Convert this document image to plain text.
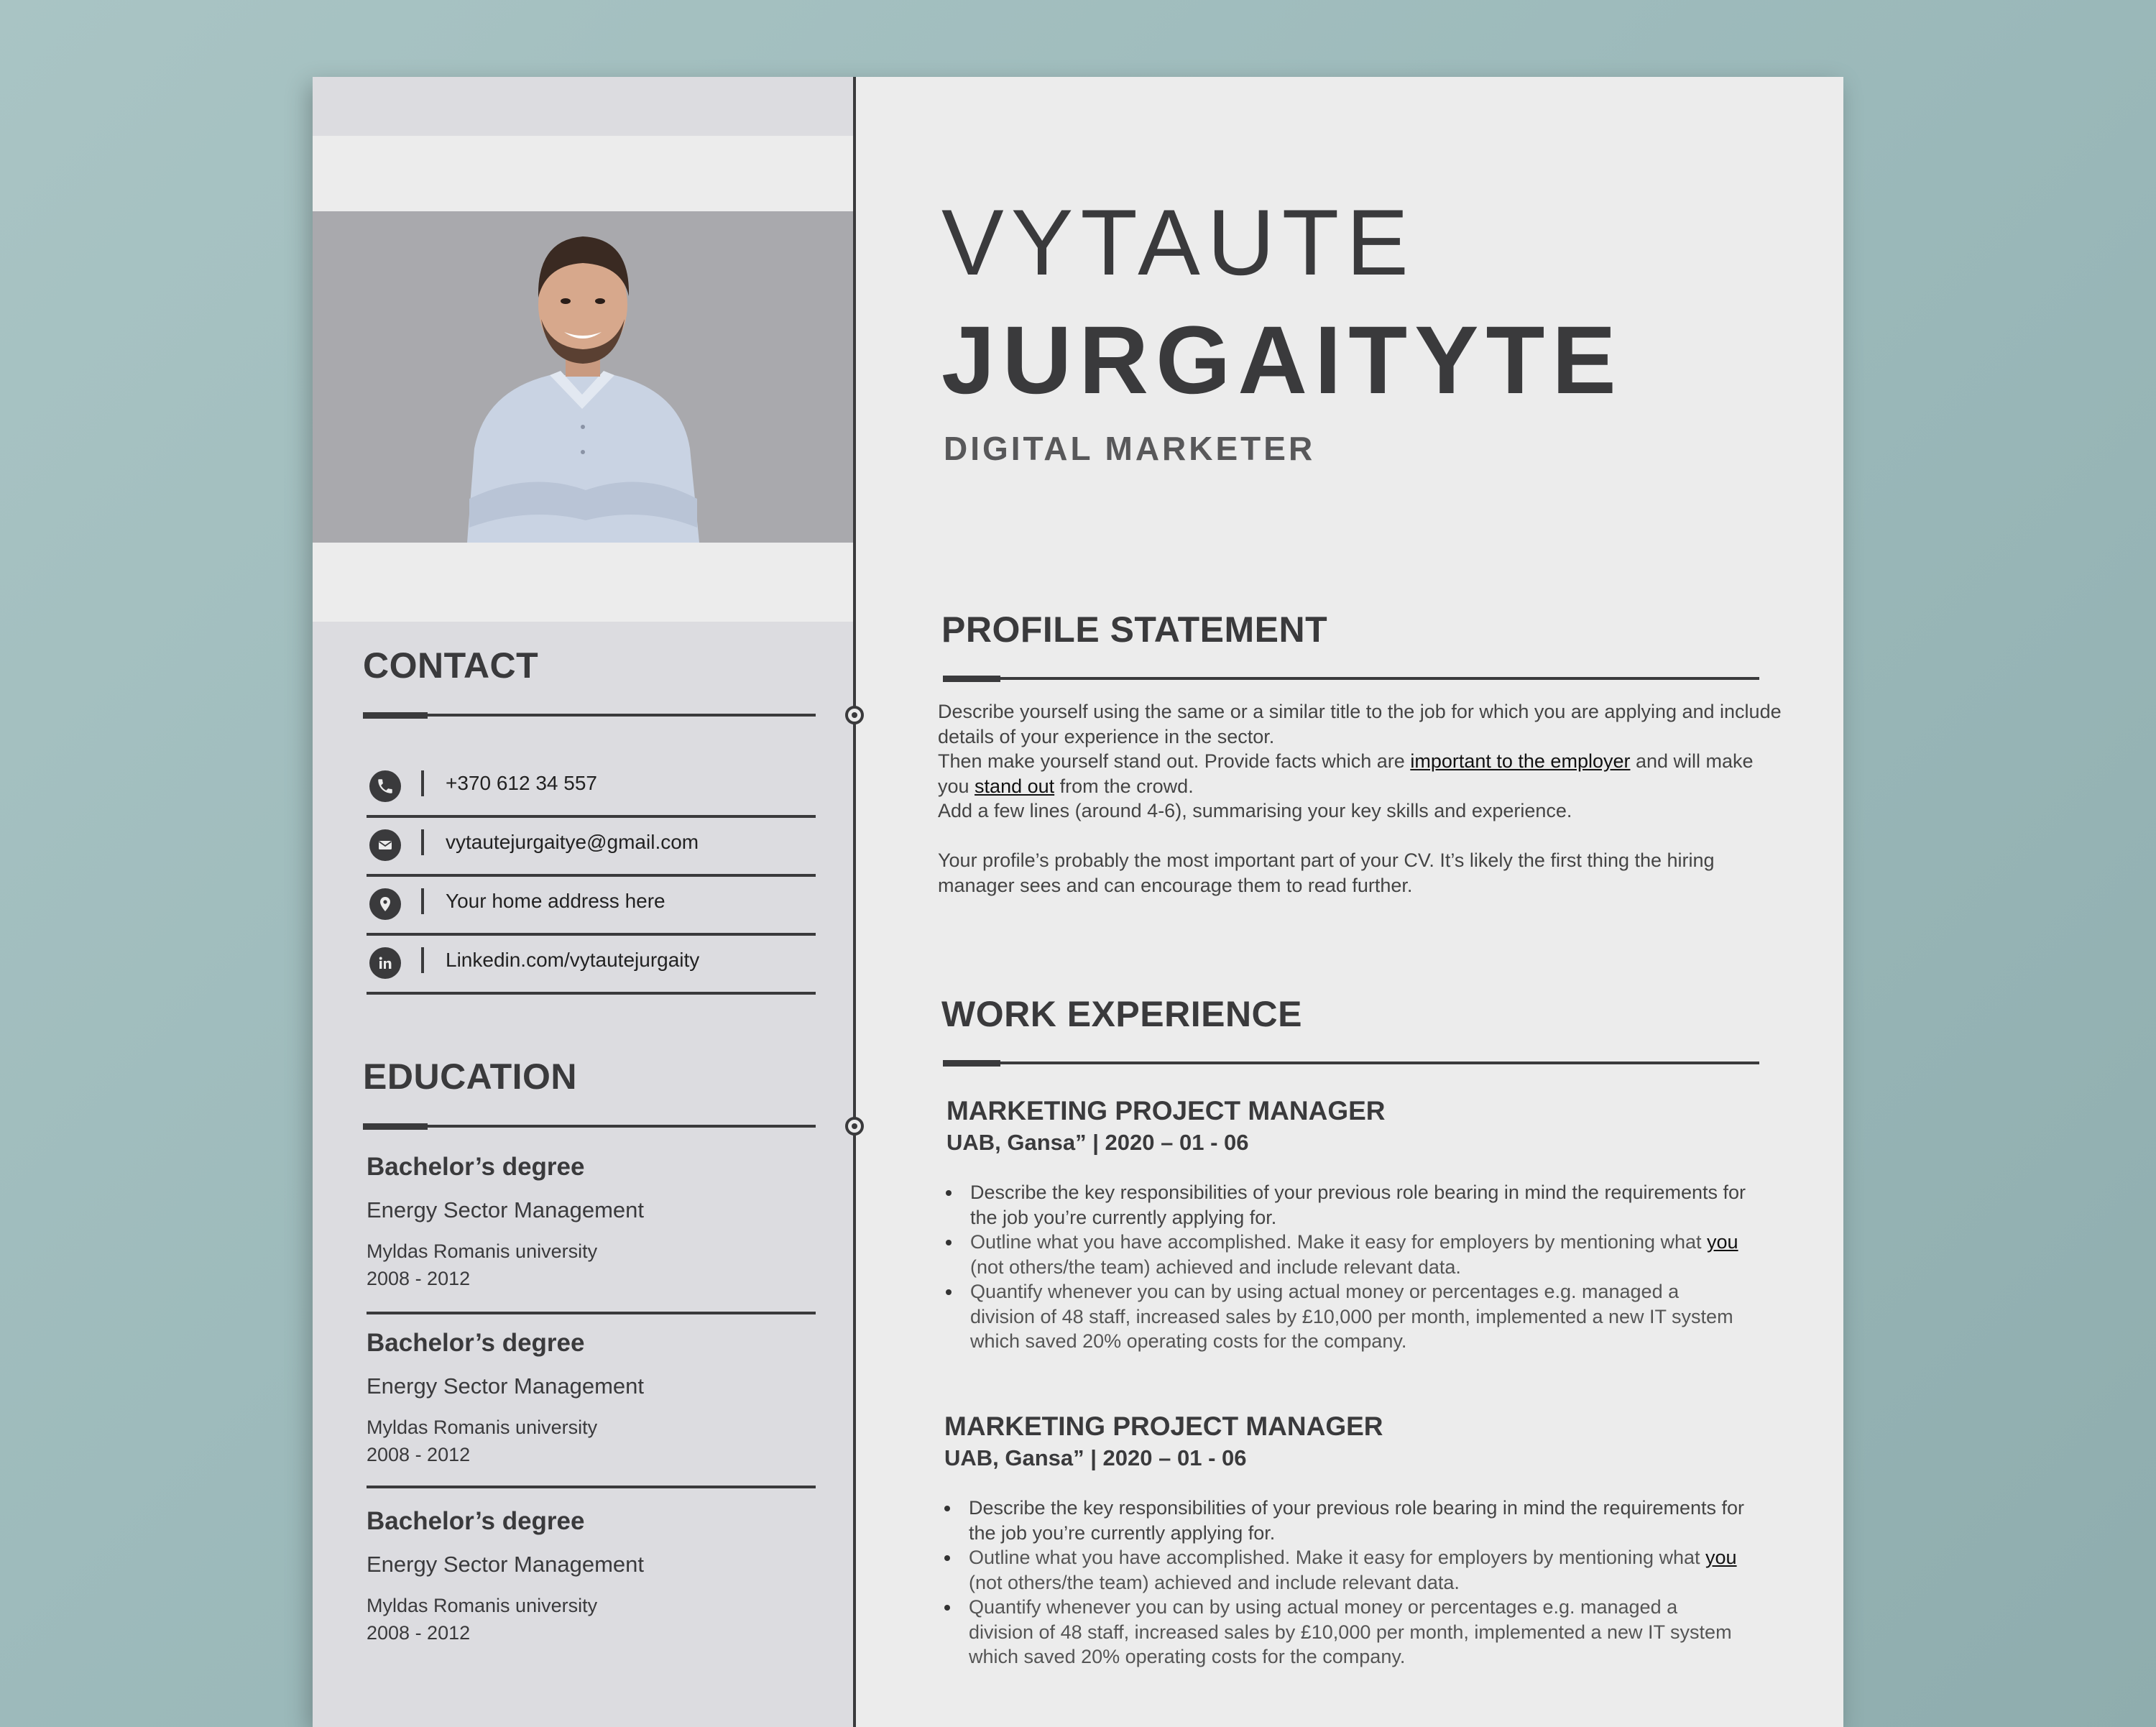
CONTACT
+370 612 34 557
vytautejurgaitye@gmail.com
Your home address here
Linkedin.com/vytautejurgaity
EDUCATION

Bachelor’s degree

Energy Sector Management

Myldas Romanis university
2008 - 2012

Bachelor’s degree

Energy Sector Management

Myldas Romanis university
2008 - 2012

Bachelor’s degree

Energy Sector Management

Myldas Romanis university
2008 - 2012

VYTAUTE
JURGAITYTE
DIGITAL MARKETER
PROFILE STATEMENT

Describe yourself using the same or a similar title to the job for which you are applying and include details of your experience in the sector.

Then make yourself stand out. Provide facts which are important to the employer and will make you stand out from the crowd.

Add a few lines (around 4-6), summarising your key skills and experience.

Your profile’s probably the most important part of your CV. It’s likely the first thing the hiring manager sees and can encourage them to read further.

WORK EXPERIENCE

MARKETING PROJECT MANAGER

UAB, Gansa” | 2020 – 01 - 06

Describe the key responsibilities of your previous role bearing in mind the requirements for the job you’re currently applying for.
Outline what you have accomplished. Make it easy for employers by mentioning what you (not others/the team) achieved and include relevant data.
Quantify whenever you can by using actual money or percentages e.g. managed a division of 48 staff, increased sales by £10,000 per month, implemented a new IT system which saved 20% operating costs for the company.

MARKETING PROJECT MANAGER

UAB, Gansa” | 2020 – 01 - 06

Describe the key responsibilities of your previous role bearing in mind the requirements for the job you’re currently applying for.
Outline what you have accomplished. Make it easy for employers by mentioning what you (not others/the team) achieved and include relevant data.
Quantify whenever you can by using actual money or percentages e.g. managed a division of 48 staff, increased sales by £10,000 per month, implemented a new IT system which saved 20% operating costs for the company.
